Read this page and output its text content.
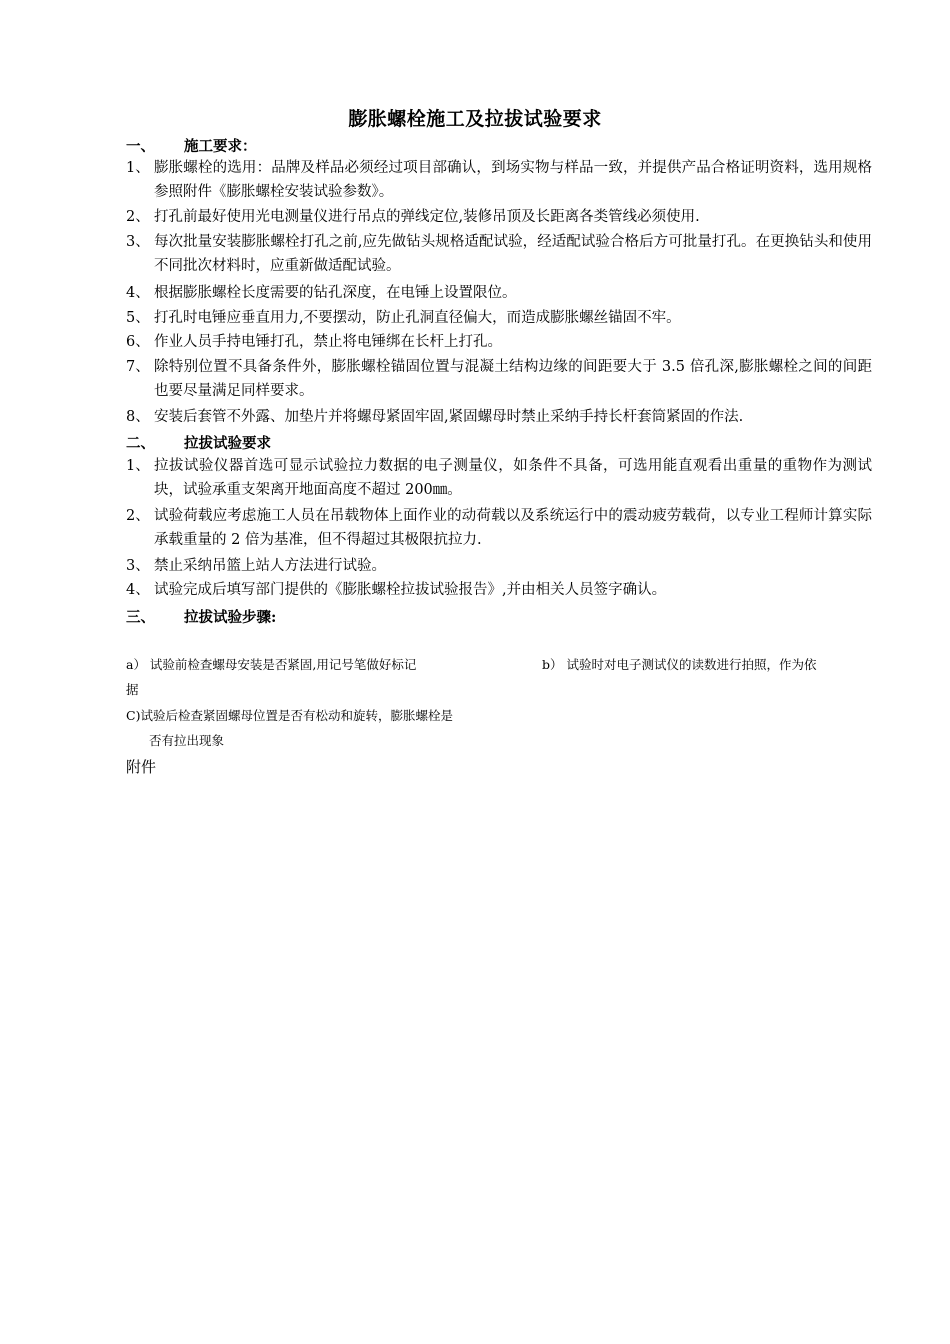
膨胀螺栓施工及拉拔试验要求
一、 施工要求：
1、 膨胀螺栓的选用：品牌及样品必须经过项目部确认，到场实物与样品一致，并提供产品合格证明资料，选用规格参照附件《膨胀螺栓安装试验参数》。
2、 打孔前最好使用光电测量仪进行吊点的弹线定位,装修吊顶及长距离各类管线必须使用.
3、 每次批量安装膨胀螺栓打孔之前,应先做钻头规格适配试验，经适配试验合格后方可批量打孔。在更换钻头和使用不同批次材料时，应重新做适配试验。
4、 根据膨胀螺栓长度需要的钻孔深度，在电锤上设置限位。
5、 打孔时电锤应垂直用力,不要摆动，防止孔洞直径偏大，而造成膨胀螺丝锚固不牢。
6、 作业人员手持电锤打孔，禁止将电锤绑在长杆上打孔。
7、 除特别位置不具备条件外，膨胀螺栓锚固位置与混凝土结构边缘的间距要大于 3.5 倍孔深,膨胀螺栓之间的间距也要尽量满足同样要求。
8、 安装后套管不外露、加垫片并将螺母紧固牢固,紧固螺母时禁止采纳手持长杆套筒紧固的作法.
二、 拉拔试验要求
1、 拉拔试验仪器首选可显示试验拉力数据的电子测量仪，如条件不具备，可选用能直观看出重量的重物作为测试块，试验承重支架离开地面高度不超过 200㎜。
2、 试验荷载应考虑施工人员在吊载物体上面作业的动荷载以及系统运行中的震动疲劳载荷，以专业工程师计算实际承载重量的 2 倍为基准，但不得超过其极限抗拉力.
3、 禁止采纳吊篮上站人方法进行试验。
4、 试验完成后填写部门提供的《膨胀螺栓拉拔试验报告》,并由相关人员签字确认。
三、 拉拔试验步骤:
a） 试验前检查螺母安装是否紧固,用记号笔做好标记	b） 试验时对电子测试仪的读数进行拍照，作为依
据
C)试验后检查紧固螺母位置是否有松动和旋转，膨胀螺栓是
否有拉出现象
附件
